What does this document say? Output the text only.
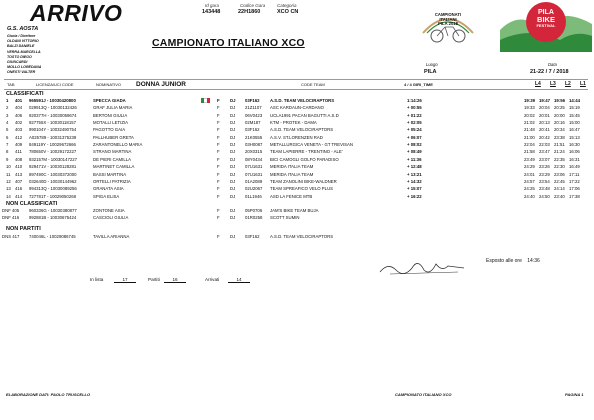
ARRIVO	Id gara
143448
Codice Gara
22H1860
Categoria
XCO CN
G.S. AOSTA
Giuria / Direttore
OLDANI VITTORIO
BALZI DANIELE
VERRA MARCELLA
TOSTO DIEGO
GIUNCARDI
MOLLO LOREDANA
ONESTI VALTER
CAMPIONATO ITALIANO XCO
CAMPIONATI
ITALIANI
PILA 2018
PILA
BIKE
FESTIVAL
Luogo
PILA
Data
21-22 / 7 / 2018
TAB	LICENZA/UCI CODE	NOMINATIVO DONNA JUNIOR	CODE TEAM	4 / 4 GIRI_TIME	L4 L3 L2 L1
CLASSIFICATI
1 401 965591J - 10030420800	SPECCA GIADA	F DJ 03F162 A.S.D. TEAM VELOCIRAPTORS	1:14:26	19:39 19:47 19:56 14:44
2 404 029913Q - 10030132426	GRAF JULIA MARIA	F DJ 21Z1107 ASC KARDAUN-CARDANO	+ 00:55	19:33 20:04 20:25 15:19
3 406 920377H - 10030059674	BERTONI GIULIA	F DJ 06V0423 UCLA1991 PACAN BAGUTTI A.S.D	+ 01:22	20:02 20:01 20:00 15:45
4 402 927755X - 10030118157	MOTALLI LETIZIA	F DJ 02M187 KTM - PROTEK - DAMA	+ 02:05	21:02 20:13 20:16 15:00
5 403 990104Y - 10032490754	PAGOTTO GAIA	F DJ 03F162 A.S.D. TEAM VELOCIRAPTORS	+ 05:24	21:48 20:41 20:34 16:47
6 412 A025789 - 10031375239	PALLHUBER GRETA	F DJ 21K0555 A.S.V. ST.LORENZEN RAD	+ 06:07	21:00 20:42 23:38 15:13
7 409 849119Y - 10029672666	ZARANTONELLO MARIA	F DJ 03H0087 METALLURGICA VENETA - GT TREVISAN	+ 08:02	22:04 22:03 21:51 16:30
8 411 780650V - 10029172227	STRANO MARTINA	F DJ 20X0315 TEAM LAPIERRE - TRENTINO - ALE'	+ 08:49	21:58 23:47 21:24 16:06
9 408 932157M - 10030147227	DE PIERI CAMILLA	F DJ 08Y0434 BICI CAMOGLI GOLFO PARADISO	+ 11:36	23:49 23:07 22:35 16:31
10 410 929471V - 10030128281	MARTINET CAMILLA	F DJ 07U1631 MERIDA ITALIA TEAM	+ 12:48	24:29 23:26 22:30 16:49
11 413 897490C - 10030372000	BASSI MARTINA	F DJ 07U1631 MERIDA ITALIA TEAM	+ 13:21	24:01 23:29 23:06 17:11
12 407 032640D - 10030144962	ORTELLI PATRIZIA	F DJ 01A2089 TEAM ZANOLINI BIKE-WALDNER	+ 14:32	24:57 23:54 22:45 17:22
13 416 994313Q - 10030089256	GRANATA ASIA	F DJ 02U2067 TEAM SPREAFICO VELO PLUS	+ 15:07	24:25 23:48 24:14 17:06
14 414 727781T - 10029050268	SPIGA ELISA	F DJ 01L1946 ASD LA FENICE MTB	+ 16:22	24:40 24:50 23:40 17:38
NON CLASSIFICATI
DNF 405 960336G - 10030380877	ZONTONE ASIA	F DJ 05P0706 JAM'S BIKE TEAM BUJA
DNF 416 992881B - 10030675424	CASCIOLI GIULIA	F DJ 01R0258 SCOTT SUMIN
NON PARTITI
DNS 417 740046L - 10029086745	TAVILLA ARIANNA	F DJ 03F162 A.S.D. TEAM VELOCIRAPTORS
In lista	17	Partiti	16	Arrivati	14
Esposto alle ore 14:36
ELABORAZIONE DATI: PAOLO TRUSCELLO	CAMPIONATO ITALIANO XCO	PAGINA 1
